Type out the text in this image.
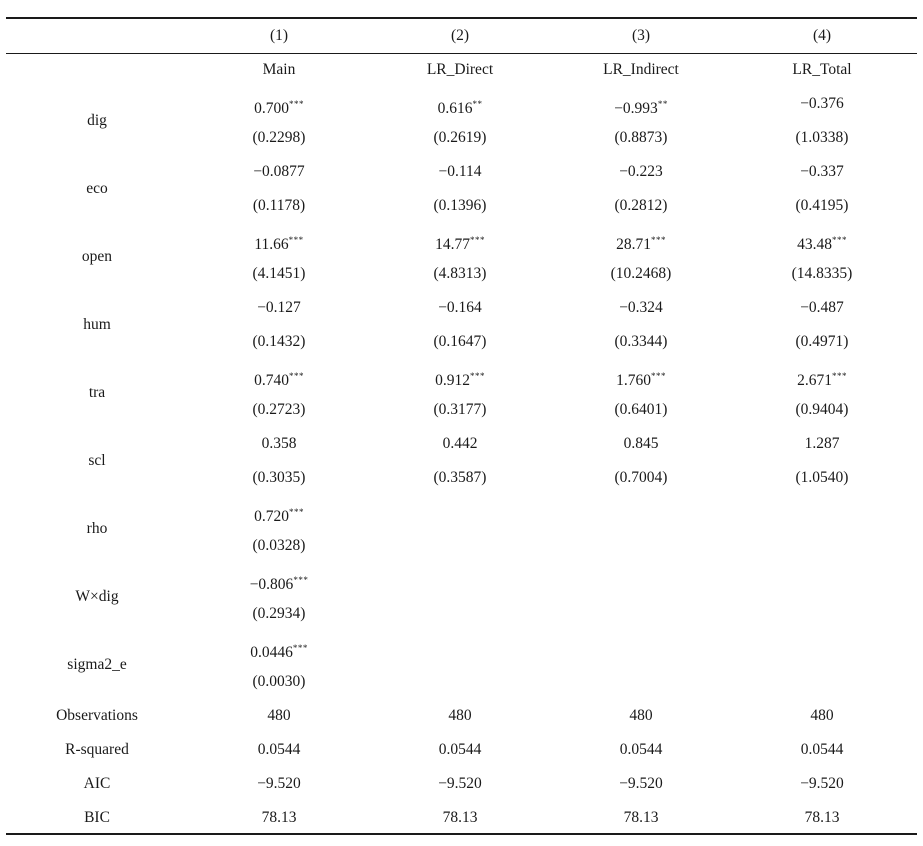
(1)	(2)	(3)	(4)
Main	LR_Direct	LR_Indirect	LR_Total
dig
0.700***	0.616**	−0.993**	−0.376
(0.2298)	(0.2619)	(0.8873)	(1.0338)
eco
−0.0877	−0.114	−0.223	−0.337
(0.1178)	(0.1396)	(0.2812)	(0.4195)
open
11.66***	14.77***	28.71***	43.48***
(4.1451)	(4.8313)	(10.2468)	(14.8335)
hum
−0.127	−0.164	−0.324	−0.487
(0.1432)	(0.1647)	(0.3344)	(0.4971)
tra
0.740***	0.912***	1.760***	2.671***
(0.2723)	(0.3177)	(0.6401)	(0.9404)
scl
0.358	0.442	0.845	1.287
(0.3035)	(0.3587)	(0.7004)	(1.0540)
rho
0.720***
(0.0328)
W×dig
−0.806***
(0.2934)
sigma2_e
0.0446***
(0.0030)
Observations	480	480	480	480
R-squared	0.0544	0.0544	0.0544	0.0544
AIC	−9.520	−9.520	−9.520	−9.520
BIC	78.13	78.13	78.13	78.13
